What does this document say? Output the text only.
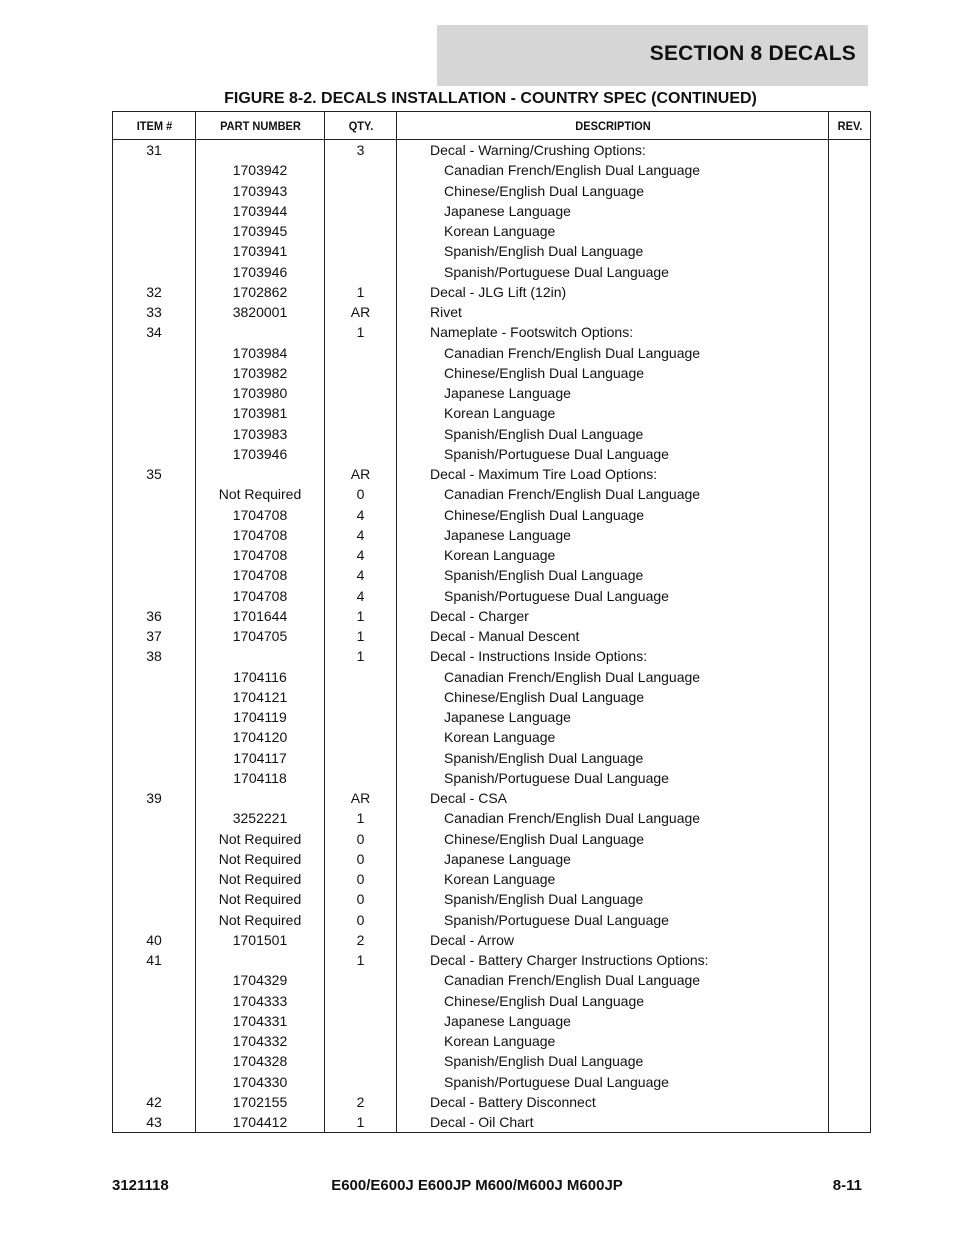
SECTION 8 DECALS
FIGURE 8-2. DECALS INSTALLATION - COUNTRY SPEC (CONTINUED)
ITEM #	PART NUMBER	QTY.	DESCRIPTION	REV.
31		3	Decal - Warning/Crushing Options:	
	1703942		Canadian French/English Dual Language	
	1703943		Chinese/English Dual Language	
	1703944		Japanese Language	
	1703945		Korean Language	
	1703941		Spanish/English Dual Language	
	1703946		Spanish/Portuguese Dual Language	
32	1702862	1	Decal - JLG Lift (12in)	
33	3820001	AR	Rivet	
34		1	Nameplate - Footswitch Options:	
	1703984		Canadian French/English Dual Language	
	1703982		Chinese/English Dual Language	
	1703980		Japanese Language	
	1703981		Korean Language	
	1703983		Spanish/English Dual Language	
	1703946		Spanish/Portuguese Dual Language	
35		AR	Decal - Maximum Tire Load Options:	
	Not Required	0	Canadian French/English Dual Language	
	1704708	4	Chinese/English Dual Language	
	1704708	4	Japanese Language	
	1704708	4	Korean Language	
	1704708	4	Spanish/English Dual Language	
	1704708	4	Spanish/Portuguese Dual Language	
36	1701644	1	Decal - Charger	
37	1704705	1	Decal - Manual Descent	
38		1	Decal - Instructions Inside Options:	
	1704116		Canadian French/English Dual Language	
	1704121		Chinese/English Dual Language	
	1704119		Japanese Language	
	1704120		Korean Language	
	1704117		Spanish/English Dual Language	
	1704118		Spanish/Portuguese Dual Language	
39		AR	Decal - CSA	
	3252221	1	Canadian French/English Dual Language	
	Not Required	0	Chinese/English Dual Language	
	Not Required	0	Japanese Language	
	Not Required	0	Korean Language	
	Not Required	0	Spanish/English Dual Language	
	Not Required	0	Spanish/Portuguese Dual Language	
40	1701501	2	Decal - Arrow	
41		1	Decal - Battery Charger Instructions Options:	
	1704329		Canadian French/English Dual Language	
	1704333		Chinese/English Dual Language	
	1704331		Japanese Language	
	1704332		Korean Language	
	1704328		Spanish/English Dual Language	
	1704330		Spanish/Portuguese Dual Language	
42	1702155	2	Decal - Battery Disconnect	
43	1704412	1	Decal - Oil Chart	
3121118	E600/E600J E600JP M600/M600J M600JP	8-11
